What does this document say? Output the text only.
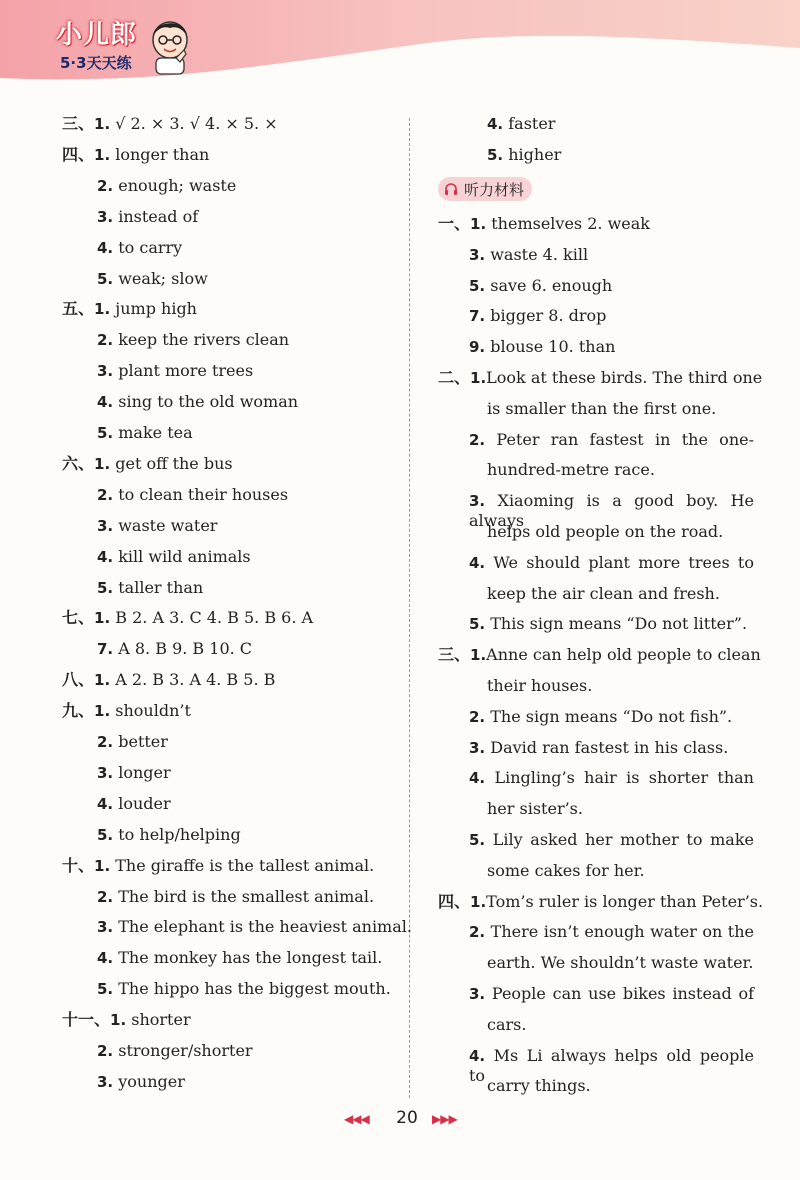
小儿郎
5·3天天练
三、1. √ 2. × 3. √ 4. × 5. ×
四、1. longer than
2. enough; waste
3. instead of
4. to carry
5. weak; slow
五、1. jump high
2. keep the rivers clean
3. plant more trees
4. sing to the old woman
5. make tea
六、1. get off the bus
2. to clean their houses
3. waste water
4. kill wild animals
5. taller than
七、1. B 2. A 3. C 4. B 5. B 6. A
7. A 8. B 9. B 10. C
八、1. A 2. B 3. A 4. B 5. B
九、1. shouldn’t
2. better
3. longer
4. louder
5. to help/helping
十、1. The giraffe is the tallest animal.
2. The bird is the smallest animal.
3. The elephant is the heaviest animal.
4. The monkey has the longest tail.
5. The hippo has the biggest mouth.
十一、1. shorter
2. stronger/shorter
3. younger
4. faster
5. higher
听力材料
一、1. themselves 2. weak
3. waste 4. kill
5. save 6. enough
7. bigger 8. drop
9. blouse 10. than
二、 1. Look at these birds. The third one
is smaller than the first one.
2. Peter ran fastest in the one-
hundred-metre race.
3. Xiaoming is a good boy. He always
helps old people on the road.
4. We should plant more trees to
keep the air clean and fresh.
5. This sign means “Do not litter”.
三、 1. Anne can help old people to clean
their houses.
2. The sign means “Do not fish”.
3. David ran fastest in his class.
4. Lingling’s hair is shorter than
her sister’s.
5. Lily asked her mother to make
some cakes for her.
四、 1. Tom’s ruler is longer than Peter’s.
2. There isn’t enough water on the
earth. We shouldn’t waste water.
3. People can use bikes instead of
cars.
4. Ms Li always helps old people to
carry things.
◀◀◀ 20	▶▶▶
